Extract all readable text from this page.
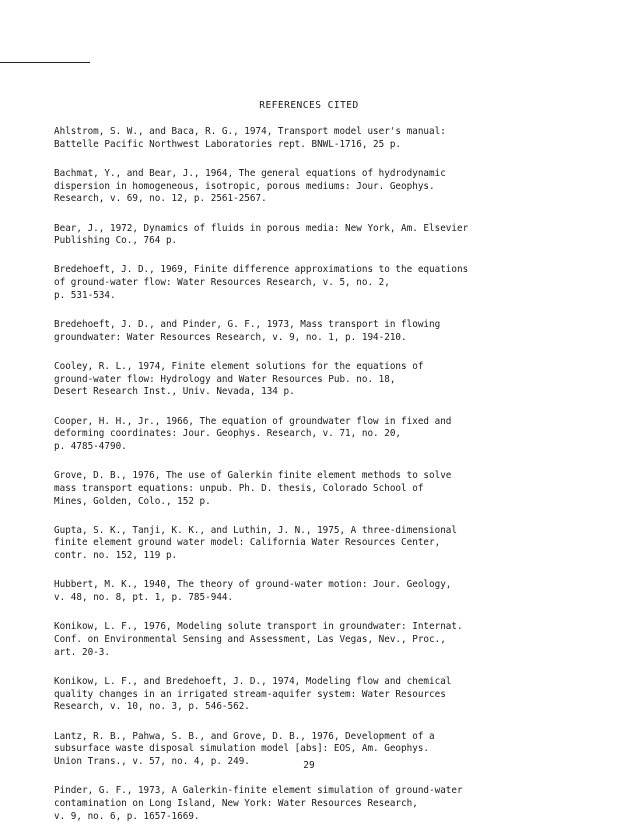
REFERENCES CITED
Ahlstrom, S. W., and Baca, R. G., 1974, Transport model user's manual:
Battelle Pacific Northwest Laboratories rept. BNWL-1716, 25 p.
Bachmat, Y., and Bear, J., 1964, The general equations of hydrodynamic
dispersion in homogeneous, isotropic, porous mediums: Jour. Geophys.
Research, v. 69, no. 12, p. 2561-2567.
Bear, J., 1972, Dynamics of fluids in porous media: New York, Am. Elsevier
Publishing Co., 764 p.
Bredehoeft, J. D., 1969, Finite difference approximations to the equations
of ground-water flow: Water Resources Research, v. 5, no. 2,
p. 531-534.
Bredehoeft, J. D., and Pinder, G. F., 1973, Mass transport in flowing
groundwater: Water Resources Research, v. 9, no. 1, p. 194-210.
Cooley, R. L., 1974, Finite element solutions for the equations of
ground-water flow: Hydrology and Water Resources Pub. no. 18,
Desert Research Inst., Univ. Nevada, 134 p.
Cooper, H. H., Jr., 1966, The equation of groundwater flow in fixed and
deforming coordinates: Jour. Geophys. Research, v. 71, no. 20,
p. 4785-4790.
Grove, D. B., 1976, The use of Galerkin finite element methods to solve
mass transport equations: unpub. Ph. D. thesis, Colorado School of
Mines, Golden, Colo., 152 p.
Gupta, S. K., Tanji, K. K., and Luthin, J. N., 1975, A three-dimensional
finite element ground water model: California Water Resources Center,
contr. no. 152, 119 p.
Hubbert, M. K., 1940, The theory of ground-water motion: Jour. Geology,
v. 48, no. 8, pt. 1, p. 785-944.
Konikow, L. F., 1976, Modeling solute transport in groundwater: Internat.
Conf. on Environmental Sensing and Assessment, Las Vegas, Nev., Proc.,
art. 20-3.
Konikow, L. F., and Bredehoeft, J. D., 1974, Modeling flow and chemical
quality changes in an irrigated stream-aquifer system: Water Resources
Research, v. 10, no. 3, p. 546-562.
Lantz, R. B., Pahwa, S. B., and Grove, D. B., 1976, Development of a
subsurface waste disposal simulation model [abs]: EOS, Am. Geophys.
Union Trans., v. 57, no. 4, p. 249.
Pinder, G. F., 1973, A Galerkin-finite element simulation of ground-water
contamination on Long Island, New York: Water Resources Research,
v. 9, no. 6, p. 1657-1669.
29
